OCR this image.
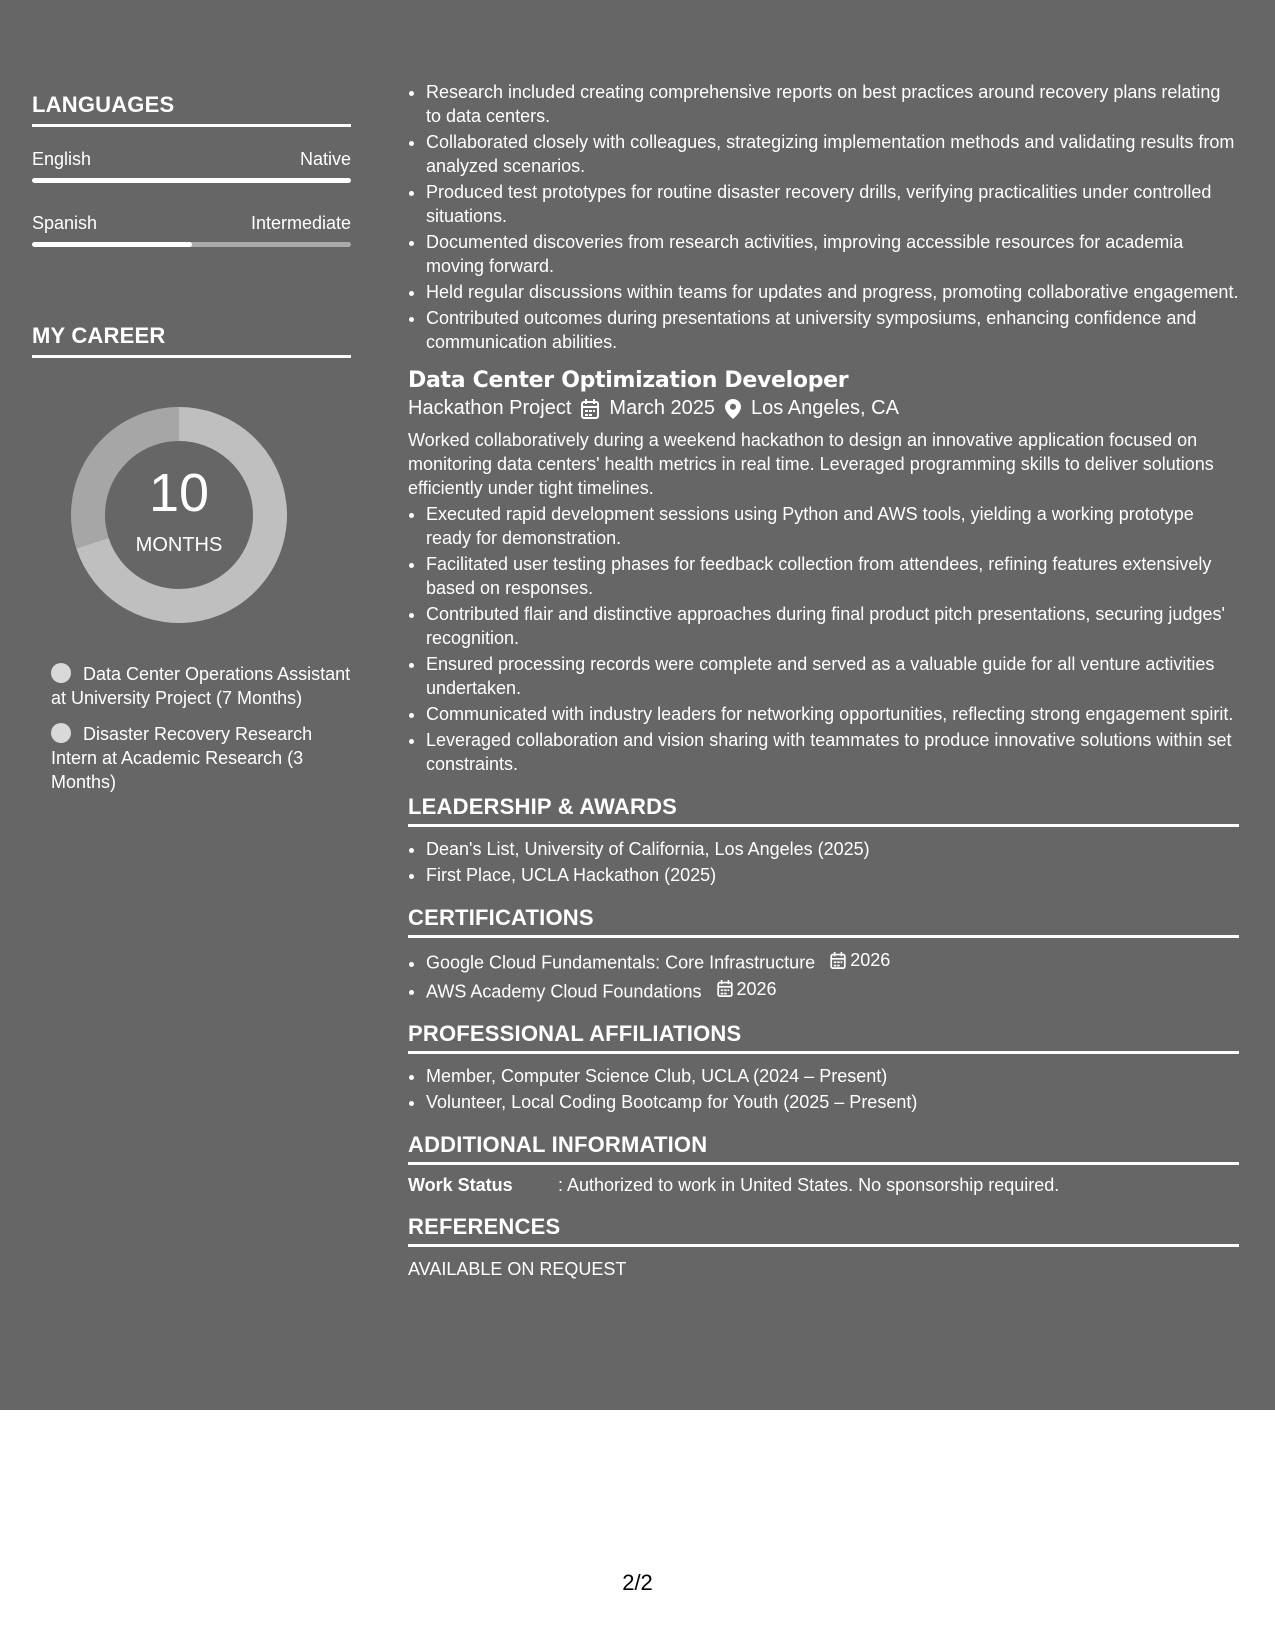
LANGUAGES
English	Native
Spanish	Intermediate
MY CAREER
10
MONTHS
Data Center Operations Assistant at University Project (7 Months)
Disaster Recovery Research Intern at Academic Research (3 Months)
• Research included creating comprehensive reports on best practices around recovery plans relating to data centers.
• Collaborated closely with colleagues, strategizing implementation methods and validating results from analyzed scenarios.
• Produced test prototypes for routine disaster recovery drills, verifying practicalities under controlled situations.
• Documented discoveries from research activities, improving accessible resources for academia moving forward.
• Held regular discussions within teams for updates and progress, promoting collaborative engagement.
• Contributed outcomes during presentations at university symposiums, enhancing confidence and communication abilities.
Data Center Optimization Developer
Hackathon Project March 2025 Los Angeles, CA

Worked collaboratively during a weekend hackathon to design an innovative application focused on monitoring data centers' health metrics in real time. Leveraged programming skills to deliver solutions efficiently under tight timelines.

• Executed rapid development sessions using Python and AWS tools, yielding a working prototype ready for demonstration.
• Facilitated user testing phases for feedback collection from attendees, refining features extensively based on responses.
• Contributed flair and distinctive approaches during final product pitch presentations, securing judges' recognition.
• Ensured processing records were complete and served as a valuable guide for all venture activities undertaken.
• Communicated with industry leaders for networking opportunities, reflecting strong engagement spirit.
• Leveraged collaboration and vision sharing with teammates to produce innovative solutions within set constraints.
LEADERSHIP & AWARDS
• Dean's List, University of California, Los Angeles (2025)
• First Place, UCLA Hackathon (2025)
CERTIFICATIONS
• Google Cloud Fundamentals: Core Infrastructure 2026
• AWS Academy Cloud Foundations 2026
PROFESSIONAL AFFILIATIONS
• Member, Computer Science Club, UCLA (2024 – Present)
• Volunteer, Local Coding Bootcamp for Youth (2025 – Present)
ADDITIONAL INFORMATION
Work Status	: Authorized to work in United States. No sponsorship required.
REFERENCES
AVAILABLE ON REQUEST
2/2
